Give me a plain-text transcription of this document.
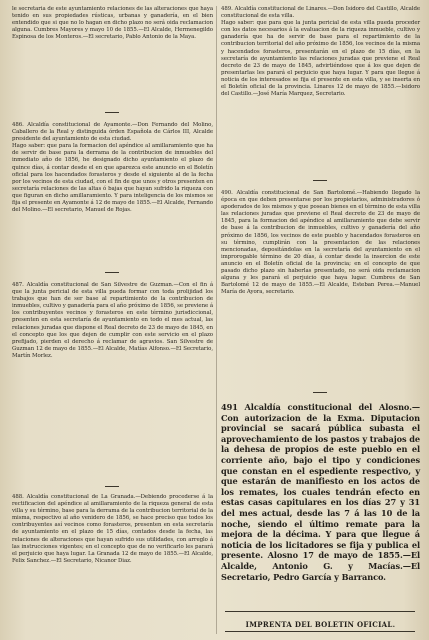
le secretaria de este ayuntamiento relaciones de las alteraciones que haya tenido en sus propiedades rústicas, urbanas y ganadería, en el bien entendido que si que no lo hagan en dicho plazo no será oida reclamacion alguna. Cumbres Mayores y mayo 10 de 1855.—El Alcalde, Hermenegildo Espinosa de los Monteros.—El secretario, Pablo Antonio de la Maya.
486. Alcaldía constitucional de Ayamonte.—Don Fernando del Molino, Caballero de la Real y distinguida órden Española de Cárlos III, Alcalde presidente del ayuntamiento de esta ciudad.
Hago saber: que para la formacion del apéndice al amillaramiento que ha de servir de base para la derrama de la contribucion de inmuebles del inmediato año de 1856, he designado dicho ayuntamiento el plazo de quince días, á contar desde el en que aparezca este anuncio en el Boletín oficial para los hacendados forasteros y desde el siguiente al de la fecha por los vecinos de esta ciudad, con el fin de que unos y otros presenten en secretaría relaciones de las altas ó bajas que hayan sufrido la riqueza con que figuran en dicho amillaramiento. Y para inteligencia de los mismos se fija el presente en Ayamonte á 12 de mayo de 1855.—El Alcalde, Fernando del Molino.—El secretario, Manuel de Rojas.
487. Alcaldía constitucional de San Silvestre de Guzman.—Con el fin á que la junta pericial de esta villa pueda formar con toda prolijidad los trabajos que han de ser base al repartimiento de la contribucion de inmuebles, cultivo y ganadería para el año próximo de 1856, se previene á los contribuyentes vecinos y forasteros en este término jurisdiccional, presenten en esta secretaría de ayuntamiento en todo el mes actual, las relaciones juradas que dispone el Real decreto de 23 de mayo de 1845, en el concepto que los que dejen de cumplir con este servicio en el plazo prefijado, pierden el derecho á reclamar de agravios. San Silvestre de Guzman 12 de mayo de 1855.—El Alcalde, Matías Alfonso.—El Secretario, Martín Morlez.
488. Alcaldía constitucional de La Granada.—Debiendo procederse á la rectificacion del apéndice al amillaramiento de la riqueza general de esta villa y su término, base para la derrama de la contribucion territorial de la misma, respectivo al año venidero de 1856, se hace preciso que todos los contribuyentes así vecinos como forasteros, presenten en esta secretaría de ayuntamiento en el plazo de 15 días, contados desde la fecha, las relaciones de alteraciones que hayan sufrido sus utilidades, con arreglo á las instrucciones vigentes; en el concepto que de no verificarlo les parará el perjuicio que haya lugar. La Granada 12 de mayo de 1855.—El Alcalde, Felix Sanchez.—El Secretario, Nicanor Diaz.
489. Alcaldía constitucional de Linares.—Don Isidoro del Castillo, Alcalde constitucional de esta villa.
Hago saber: que para que la junta pericial de esta villa pueda proceder con los datos necesarios á la evaluacion de la riqueza inmueble, cultivo y ganadería que ha de servir de base para el repartimiento de la contribucion territorial del año próximo de 1856, los vecinos de la misma y hacendados forasteros, presentarán en el plazo de 15 días, en la secretaría de ayuntamiento las relaciones juradas que previene el Real decreto de 23 de mayo de 1845, advirtiéndose que á los que dejen de presentarlas les parará el perjuicio que haya lugar. Y para que llegue á noticia de los interesados se fija el presente en esta villa, y se inserta en el Boletín oficial de la provincia. Linares 12 de mayo de 1855.—Isidoro del Castillo.—José María Marquez, Secretario.
490. Alcaldía constitucional de San Bartolomé.—Habiendo llegado la época en que deben presentarse por los propietarios, administradores ó apoderados de los mismos y que posean bienes en el término de esta villa las relaciones juradas que previene el Real decreto de 23 de mayo de 1845, para la formacion del apéndice al amillaramiento que debe servir de base á la contribucion de inmuebles, cultivo y ganadería del año próximo de 1856, los vecinos de este pueblo y hacendados forasteros en su término, cumplirán con la presentacion de las relaciones mencionadas, depositándolas en la secretaría del ayuntamiento en el improrogable término de 20 días, á contar desde la insercion de este anuncio en el Boletín oficial de la provincia; en el concepto de que pasado dicho plazo sin haberlas presentado, no será oida reclamacion alguna y les parará el perjuicio que haya lugar. Cumbres de San Bartolomé 12 de mayo de 1855.—El Alcalde, Esteban Perea.—Manuel María de Ayora, secretario.
491 Alcaldía constitucional del Alosno.—Con autorizacion de la Exma. Diputacion provincial se sacará pública subasta el aprovechamiento de los pastos y trabajos de la dehesa de propios de este pueblo en el corriente año, bajo el tipo y condiciones que constan en el espediente respectivo, y que estarán de manifiesto en los actos de los remates, los cuales tendrán efecto en estas casas capitulares en los días 27 y 31 del mes actual, desde las 7 á las 10 de la noche, siendo el último remate para la mejora de la décima. Y para que llegue á noticia de los licitadores se fija y publica el presente. Alosno 17 de mayo de 1855.—El Alcalde, Antonio G. y Macías.—El Secretario, Pedro García y Barranco.
IMPRENTA DEL BOLETIN OFICIAL.
